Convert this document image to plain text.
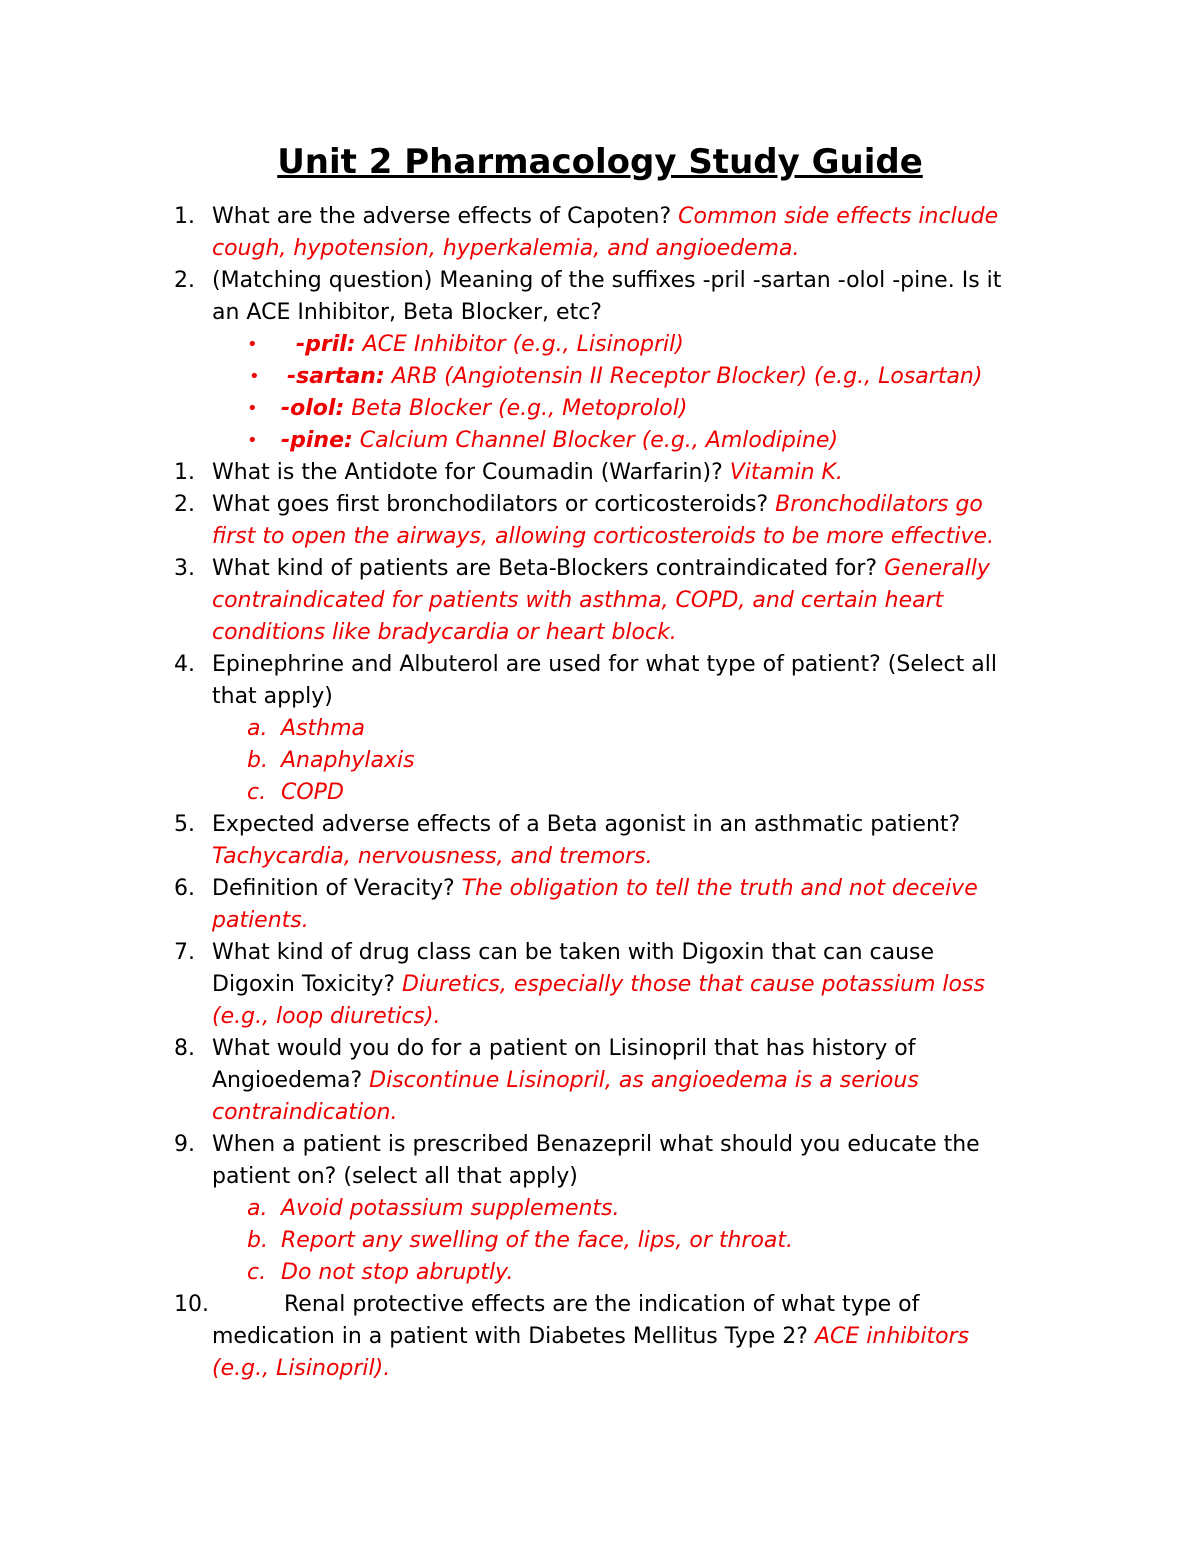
Unit 2 Pharmacology Study Guide
1. What are the adverse effects of Capoten? Common side effects include
cough, hypotension, hyperkalemia, and angioedema.
2. (Matching question) Meaning of the suffixes -pril -sartan -olol -pine. Is it
an ACE Inhibitor, Beta Blocker, etc?
• -pril: ACE Inhibitor (e.g., Lisinopril)
• -sartan: ARB (Angiotensin II Receptor Blocker) (e.g., Losartan)
• -olol: Beta Blocker (e.g., Metoprolol)
• -pine: Calcium Channel Blocker (e.g., Amlodipine)
1. What is the Antidote for Coumadin (Warfarin)? Vitamin K.
2. What goes first bronchodilators or corticosteroids? Bronchodilators go
first to open the airways, allowing corticosteroids to be more effective.
3. What kind of patients are Beta-Blockers contraindicated for? Generally
contraindicated for patients with asthma, COPD, and certain heart
conditions like bradycardia or heart block.
4. Epinephrine and Albuterol are used for what type of patient? (Select all
that apply)
a. Asthma
b. Anaphylaxis
c. COPD
5. Expected adverse effects of a Beta agonist in an asthmatic patient?
Tachycardia, nervousness, and tremors.
6. Definition of Veracity? The obligation to tell the truth and not deceive
patients.
7. What kind of drug class can be taken with Digoxin that can cause
Digoxin Toxicity? Diuretics, especially those that cause potassium loss
(e.g., loop diuretics).
8. What would you do for a patient on Lisinopril that has history of
Angioedema? Discontinue Lisinopril, as angioedema is a serious
contraindication.
9. When a patient is prescribed Benazepril what should you educate the
patient on? (select all that apply)
a. Avoid potassium supplements.
b. Report any swelling of the face, lips, or throat.
c. Do not stop abruptly.
10.	Renal protective effects are the indication of what type of
medication in a patient with Diabetes Mellitus Type 2? ACE inhibitors
(e.g., Lisinopril).
